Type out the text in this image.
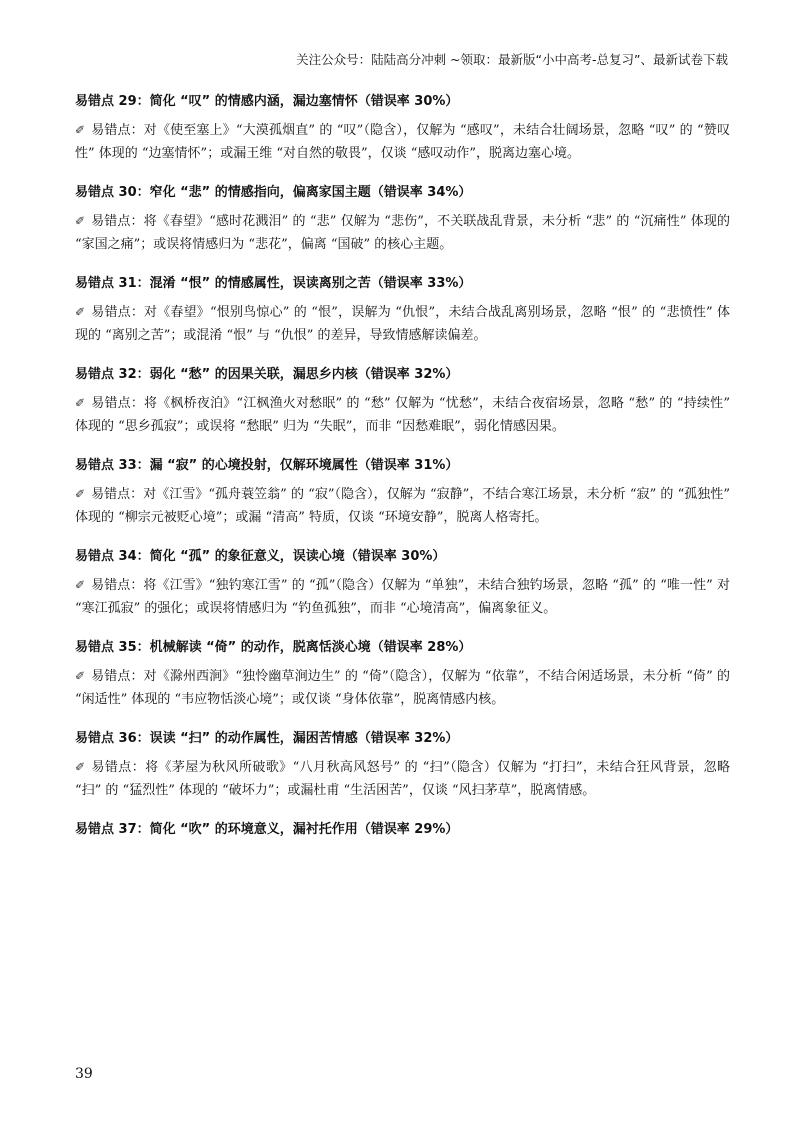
关注公众号：陆陆高分冲刺 ~领取：最新版“小中高考-总复习”、最新试卷下载
易错点 29：简化 “叹” 的情感内涵，漏边塞情怀（错误率 30%）
✐ 易错点：对《使至塞上》“大漠孤烟直” 的 “叹”（隐含），仅解为 “感叹”，未结合壮阔场景，忽略 “叹” 的 “赞叹性” 体现的 “边塞情怀”；或漏王维 “对自然的敬畏”，仅谈 “感叹动作”，脱离边塞心境。
易错点 30：窄化 “悲” 的情感指向，偏离家国主题（错误率 34%）
✐ 易错点：将《春望》“感时花溅泪” 的 “悲” 仅解为 “悲伤”，不关联战乱背景，未分析 “悲” 的 “沉痛性” 体现的 “家国之痛”；或误将情感归为 “悲花”，偏离 “国破” 的核心主题。
易错点 31：混淆 “恨” 的情感属性，误读离别之苦（错误率 33%）
✐ 易错点：对《春望》“恨别鸟惊心” 的 “恨”，误解为 “仇恨”，未结合战乱离别场景，忽略 “恨” 的 “悲愤性” 体现的 “离别之苦”；或混淆 “恨” 与 “仇恨” 的差异，导致情感解读偏差。
易错点 32：弱化 “愁” 的因果关联，漏思乡内核（错误率 32%）
✐ 易错点：将《枫桥夜泊》“江枫渔火对愁眠” 的 “愁” 仅解为 “忧愁”，未结合夜宿场景，忽略 “愁” 的 “持续性” 体现的 “思乡孤寂”；或误将 “愁眠” 归为 “失眠”，而非 “因愁难眠”，弱化情感因果。
易错点 33：漏 “寂” 的心境投射，仅解环境属性（错误率 31%）
✐ 易错点：对《江雪》“孤舟蓑笠翁” 的 “寂”（隐含），仅解为 “寂静”，不结合寒江场景，未分析 “寂” 的 “孤独性” 体现的 “柳宗元被贬心境”；或漏 “清高” 特质，仅谈 “环境安静”，脱离人格寄托。
易错点 34：简化 “孤” 的象征意义，误读心境（错误率 30%）
✐ 易错点：将《江雪》“独钓寒江雪” 的 “孤”（隐含）仅解为 “单独”，未结合独钓场景，忽略 “孤” 的 “唯一性” 对 “寒江孤寂” 的强化；或误将情感归为 “钓鱼孤独”，而非 “心境清高”，偏离象征义。
易错点 35：机械解读 “倚” 的动作，脱离恬淡心境（错误率 28%）
✐ 易错点：对《滁州西涧》“独怜幽草涧边生” 的 “倚”（隐含），仅解为 “依靠”，不结合闲适场景，未分析 “倚” 的 “闲适性” 体现的 “韦应物恬淡心境”；或仅谈 “身体依靠”，脱离情感内核。
易错点 36：误读 “扫” 的动作属性，漏困苦情感（错误率 32%）
✐ 易错点：将《茅屋为秋风所破歌》“八月秋高风怒号” 的 “扫”（隐含）仅解为 “打扫”，未结合狂风背景，忽略 “扫” 的 “猛烈性” 体现的 “破坏力”；或漏杜甫 “生活困苦”，仅谈 “风扫茅草”，脱离情感。
易错点 37：简化 “吹” 的环境意义，漏衬托作用（错误率 29%）
39
